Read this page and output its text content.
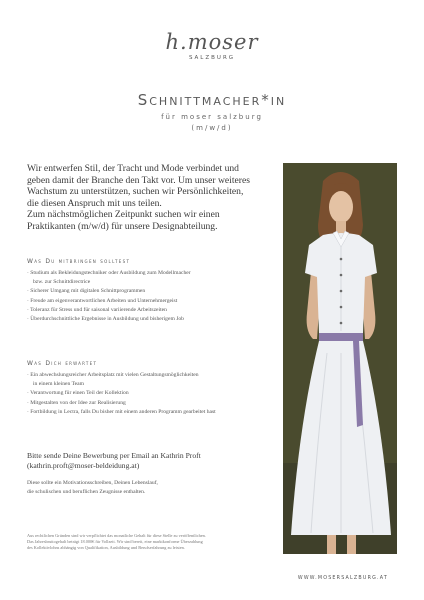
h.moser
SALZBURG
Schnittmacher*in
für moser salzburg
(m/w/d)
Wir entwerfen Stil, der Tracht und Mode verbindet und
geben damit der Branche den Takt vor. Um unser weiteres
Wachstum zu unterstützen, suchen wir Persönlichkeiten,
die diesen Anspruch mit uns teilen.
Zum nächstmöglichen Zeitpunkt suchen wir einen
Praktikanten (m/w/d) für unsere Designabteilung.
Was Du mitbringen solltest
· Studium als Bekleidungstechniker oder Ausbildung zum Modellmacher
bzw. zur Schnittdirectrice
· Sicherer Umgang mit digitalen Schnittprogrammen
· Freude am eigenverantwortlichen Arbeiten und Unternehmergeist
· Toleranz für Stress und für saisonal variierende Arbeitszeiten
· Überdurchschnittliche Ergebnisse in Ausbildung und bisherigem Job
Was Dich erwartet
· Ein abwechslungsreicher Arbeitsplatz mit vielen Gestaltungsmöglichkeiten
in einem kleinen Team
· Verantwortung für einen Teil der Kollektion
· Mitgestalten von der Idee zur Realisierung
· Fortbildung in Lectra, falls Du bisher mit einem anderen Programm gearbeitet hast
Bitte sende Deine Bewerbung per Email an Kathrin Proft
(kathrin.proft@moser-beldeidung.at)
Diese sollte ein Motivationsschreiben, Deinen Lebenslauf,
die schulischen und beruflichen Zeugnisse enthalten.
Aus rechtlichen Gründen sind wir verpflichtet das monatliche Gehalt für diese Stelle zu veröffentlichen.
Das Jahresbruttogehalt beträgt 18.000€ für Vollzeit. Wir sind bereit, eine marktkonforme Überzahlung
des Kollektivlohns abhängig von Qualifikation, Ausbildung und Berufserfahrung zu leisten.
WWW.MOSERSALZBURG.AT
